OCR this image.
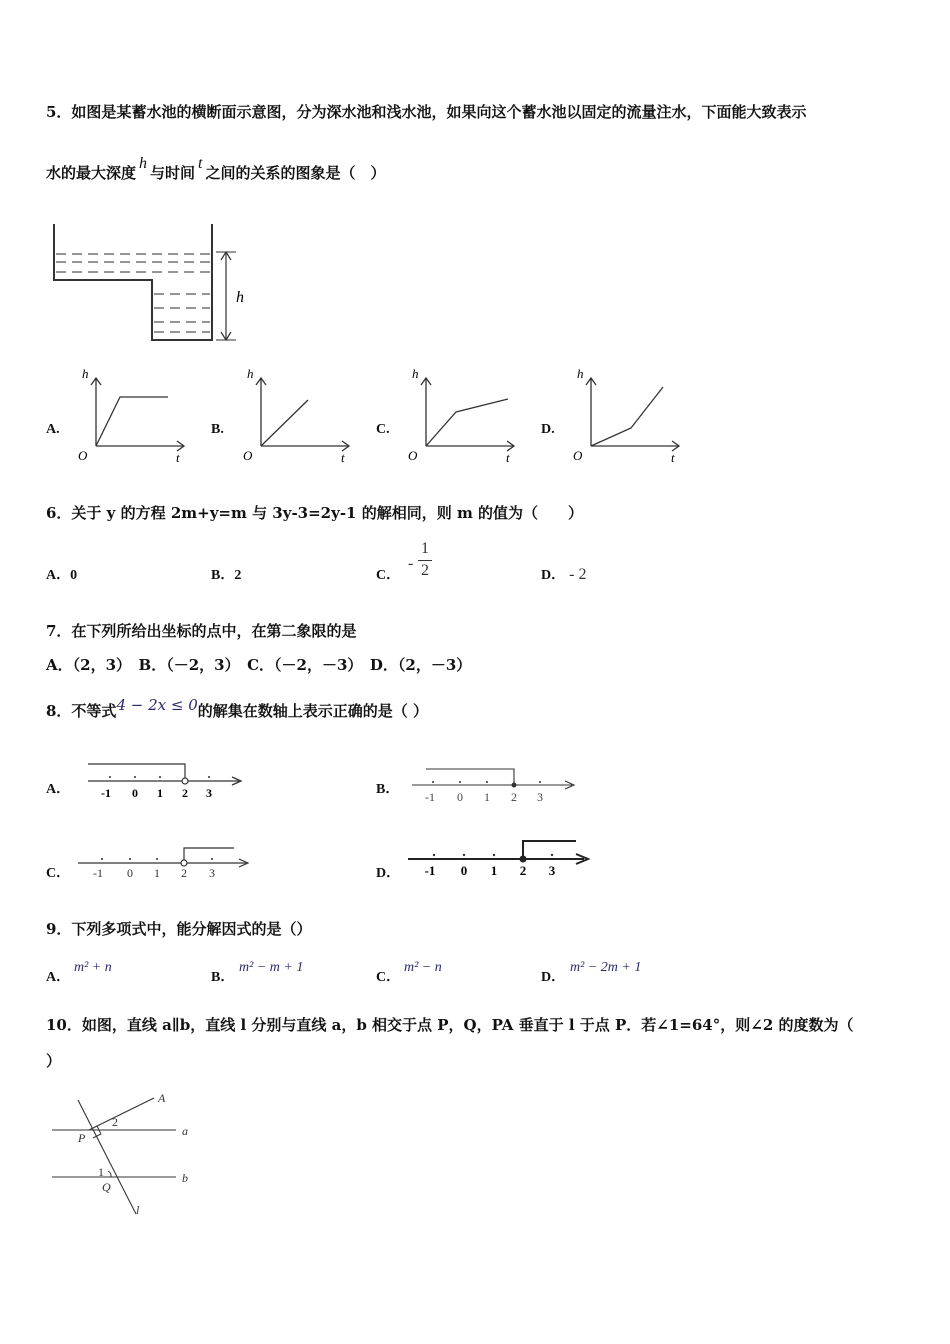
5．如图是某蓄水池的横断面示意图，分为深水池和浅水池，如果向这个蓄水池以固定的流量注水，下面能大致表示
水的最大深度h与时间t之间的关系的图象是（　）
h
A.
h
t
O
B.
h
t
O
C.
h
t
O
D.
h
t
O
6．关于 y 的方程 2m+y=m 与 3y-3=2y-1 的解相同，则 m 的值为（　　）
A．0	B．2	C．
-
1
2	D． - 2
7．在下列所给出坐标的点中，在第二象限的是
A．（2，3）　B．（－2，3）　C．（－2，－3）　D．（2，－3）
8．不等式4 − 2x ≤ 0的解集在数轴上表示正确的是（ ）
A．	-1 0 1 2 3	B． -1 0 1 2 3
C． -1 0 1 2 3	D． -1 0 1 2 3
9．下列多项式中，能分解因式的是（）
A．
m² + n
B．
m² − m + 1
C．
m² − n
D．
m² − 2m + 1
10．如图，直线 a∥b，直线 l 分别与直线 a，b 相交于点 P，Q，PA 垂直于 l 于点 P．若∠1=64°，则∠2 的度数为（
）
A
a
b
P
Q
l
1
2
